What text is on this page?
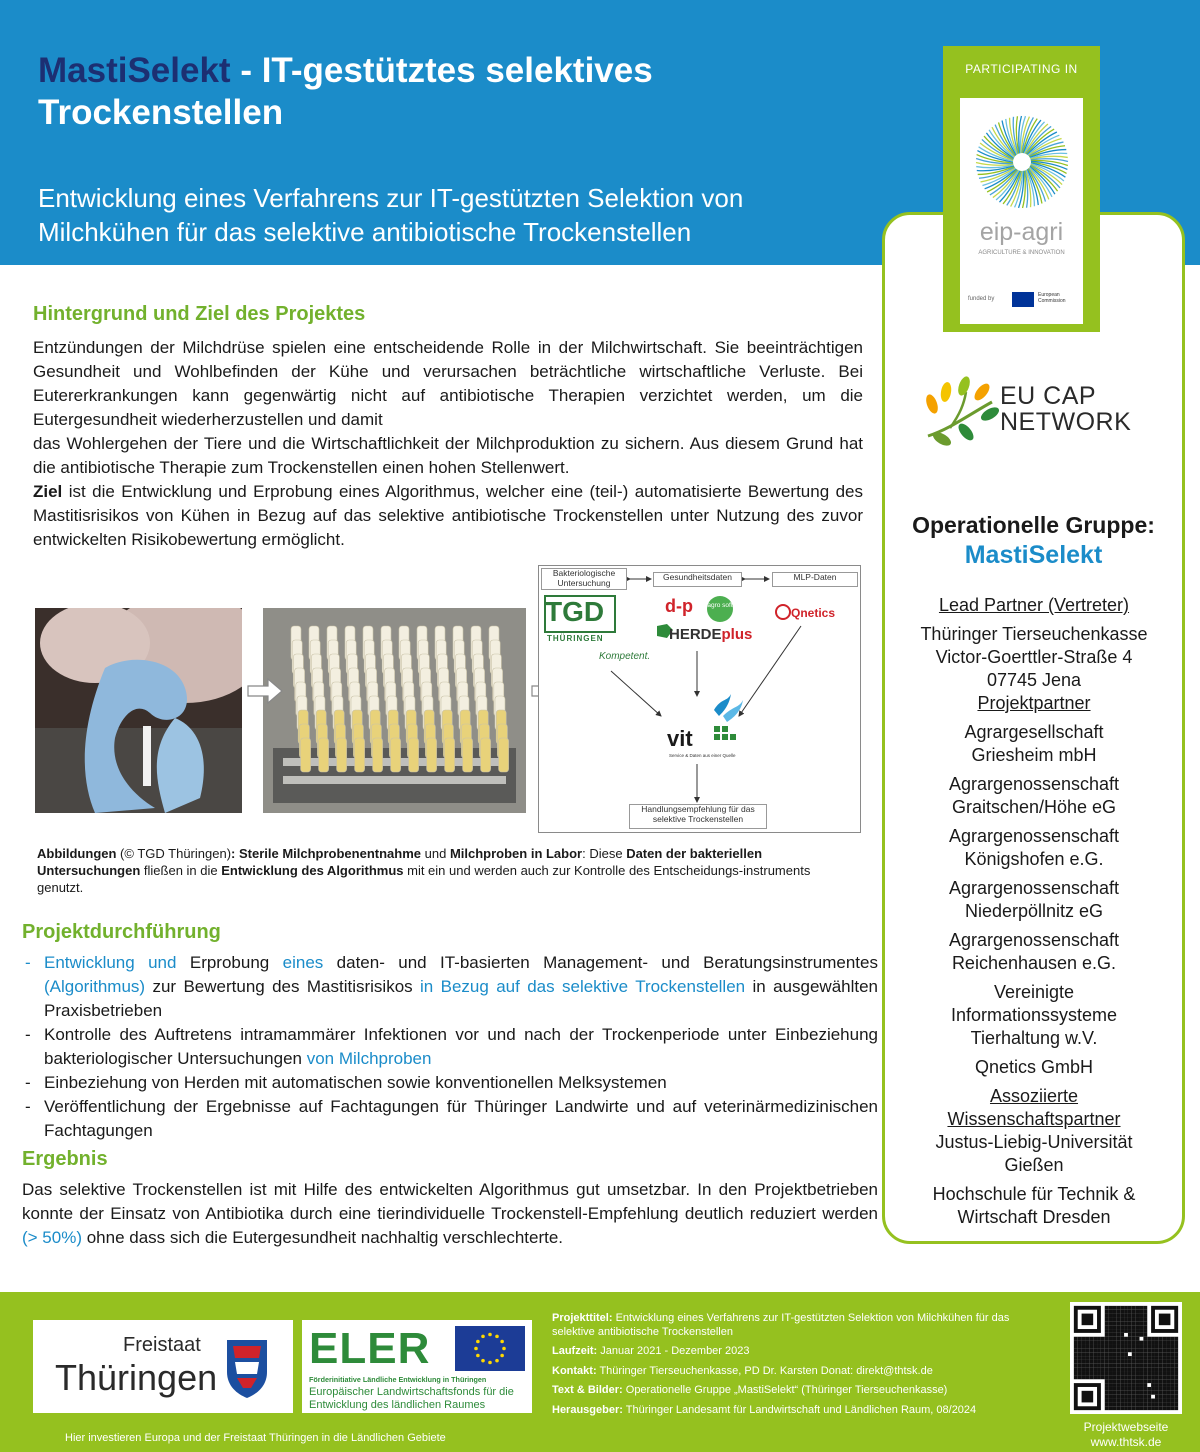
MastiSelekt - IT-gestütztes selektives Trockenstellen
Entwicklung eines Verfahrens zur IT-gestützten Selektion von Milchkühen für das selektive antibiotische Trockenstellen
PARTICIPATING IN
eip-agri
AGRICULTURE & INNOVATION
funded by
European Commission
EU CAP
NETWORK
Operationelle Gruppe:
MastiSelekt
Lead Partner (Vertreter)
Thüringer Tierseuchenkasse
Victor-Goerttler-Straße 4
07745 Jena
Projektpartner
Agrargesellschaft
Griesheim mbH
Agrargenossenschaft
Graitschen/Höhe eG
Agrargenossenschaft
Königshofen e.G.
Agrargenossenschaft
Niederpöllnitz eG
Agrargenossenschaft
Reichenhausen e.G.
Vereinigte
Informationssysteme
Tierhaltung w.V.
Qnetics GmbH
Assoziierte
Wissenschaftspartner
Justus-Liebig-Universität
Gießen
Hochschule für Technik &
Wirtschaft Dresden
Hintergrund und Ziel des Projektes
Entzündungen der Milchdrüse spielen eine entscheidende Rolle in der Milchwirtschaft. Sie beeinträchtigen Gesundheit und Wohlbefinden der Kühe und verursachen beträchtliche wirtschaftliche Verluste. Bei Eutererkrankungen kann gegenwärtig nicht auf antibiotische Therapien verzichtet werden, um die Eutergesundheit wiederherzustellen und damit
das Wohlergehen der Tiere und die Wirtschaftlichkeit der Milchproduktion zu sichern. Aus diesem Grund hat die antibiotische Therapie zum Trockenstellen einen hohen Stellenwert.
Ziel ist die Entwicklung und Erprobung eines Algorithmus, welcher eine (teil-) automatisierte Bewertung des Mastitisrisikos von Kühen in Bezug auf das selektive antibiotische Trockenstellen unter Nutzung des zuvor entwickelten Risikobewertung ermöglicht.
Bakteriologische Untersuchung
Gesundheitsdaten	MLP-Daten
TGD
THÜRINGEN
Kompetent.
d-p agro soft
HERDEplus
Qnetics
vit
Service & Daten aus einer Quelle
Handlungsempfehlung für das selektive Trockenstellen
Abbildungen (© TGD Thüringen): Sterile Milchprobenentnahme und Milchproben in Labor: Diese Daten der bakteriellen Untersuchungen fließen in die Entwicklung des Algorithmus mit ein und werden auch zur Kontrolle des Entscheidungs-instruments genutzt.
Projektdurchführung
- Entwicklung und Erprobung eines daten- und IT-basierten Management- und Beratungsinstrumentes (Algorithmus) zur Bewertung des Mastitisrisikos in Bezug auf das selektive Trockenstellen in ausgewählten Praxisbetrieben
- Kontrolle des Auftretens intramammärer Infektionen vor und nach der Trockenperiode unter Einbeziehung bakteriologischer Untersuchungen von Milchproben
- Einbeziehung von Herden mit automatischen sowie konventionellen Melksystemen
- Veröffentlichung der Ergebnisse auf Fachtagungen für Thüringer Landwirte und auf veterinärmedizinischen Fachtagungen
Ergebnis
Das selektive Trockenstellen ist mit Hilfe des entwickelten Algorithmus gut umsetzbar. In den Projektbetrieben konnte der Einsatz von Antibiotika durch eine tierindividuelle Trockenstell-Empfehlung deutlich reduziert werden (> 50%) ohne dass sich die Eutergesundheit nachhaltig verschlechterte.
Freistaat
Thüringen
ELER
Förderinitiative Ländliche Entwicklung in Thüringen
Europäischer Landwirtschaftsfonds für die Entwicklung des ländlichen Raumes
Hier investieren Europa und der Freistaat Thüringen in die Ländlichen Gebiete
Projekttitel: Entwicklung eines Verfahrens zur IT-gestützten Selektion von Milchkühen für das selektive antibiotische Trockenstellen
Laufzeit: Januar 2021 - Dezember 2023
Kontakt: Thüringer Tierseuchenkasse, PD Dr. Karsten Donat: direkt@thtsk.de
Text & Bilder: Operationelle Gruppe „MastiSelekt“ (Thüringer Tierseuchenkasse)
Herausgeber: Thüringer Landesamt für Landwirtschaft und Ländlichen Raum, 08/2024
Projektwebseite
www.thtsk.de
